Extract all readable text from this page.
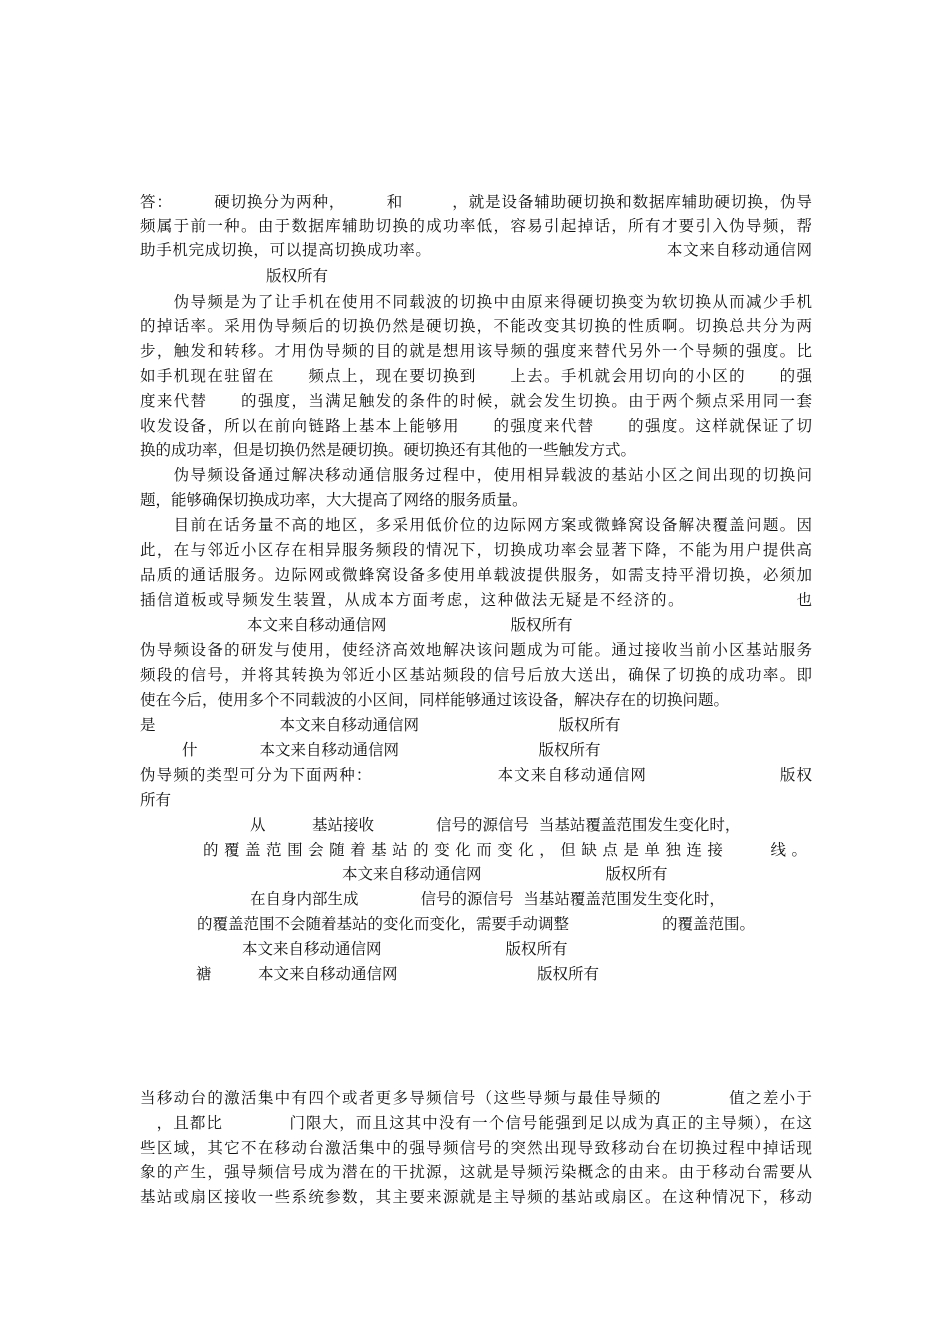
答：　　　硬切换分为两种，　　　和　　　，就是设备辅助硬切换和数据库辅助硬切换，伪导
频属于前一种。由于数据库辅助切换的成功率低，容易引起掉话，所有才要引入伪导频，帮
助手机完成切换，可以提高切换成功率。　　　　　　　　　　　　　　　本文来自移动通信网
版权所有
　　伪导频是为了让手机在使用不同载波的切换中由原来得硬切换变为软切换从而减少手机
的掉话率。采用伪导频后的切换仍然是硬切换，不能改变其切换的性质啊。切换总共分为两
步，触发和转移。才用伪导频的目的就是想用该导频的强度来替代另外一个导频的强度。比
如手机现在驻留在　　频点上，现在要切换到　　上去。手机就会用切向的小区的　　的强
度来代替　　的强度，当满足触发的条件的时候，就会发生切换。由于两个频点采用同一套
收发设备，所以在前向链路上基本上能够用　　的强度来代替　　的强度。这样就保证了切
换的成功率，但是切换仍然是硬切换。硬切换还有其他的一些触发方式。
　　伪导频设备通过解决移动通信服务过程中，使用相异载波的基站小区之间出现的切换问
题，能够确保切换成功率，大大提高了网络的服务质量。
　　目前在话务量不高的地区，多采用低价位的边际网方案或微蜂窝设备解决覆盖问题。因
此，在与邻近小区存在相异服务频段的情况下，切换成功率会显著下降，不能为用户提供高
品质的通话服务。边际网或微蜂窝设备多使用单载波提供服务，如需支持平滑切换，必须加
插信道板或导频发生装置，从成本方面考虑，这种做法无疑是不经济的。　　　　　　　也
本文来自移动通信网　　　　　　　　版权所有
伪导频设备的研发与使用，使经济高效地解决该问题成为可能。通过接收当前小区基站服务
频段的信号，并将其转换为邻近小区基站频段的信号后放大送出，确保了切换的成功率。即
使在今后，使用多个不同载波的小区间，同样能够通过该设备，解决存在的切换问题。
是　　　　　　　　本文来自移动通信网　　　　　　　　　版权所有
什　　　　本文来自移动通信网　　　　　　　　　版权所有
伪导频的类型可分为下面两种：　　　　　　　　本文来自移动通信网　　　　　　　　版权
所有
从　　　基站接收　　　　信号的源信号  当基站覆盖范围发生变化时，
的覆盖范围会随着基站的变化而变化，但缺点是单独连接　　线。
本文来自移动通信网　　　　　　　　版权所有
在自身内部生成　　　　信号的源信号  当基站覆盖范围发生变化时，
的覆盖范围不会随着基站的变化而变化，需要手动调整　　　　　　的覆盖范围。
本文来自移动通信网　　　　　　　　版权所有
禟　　　本文来自移动通信网　　　　　　　　　版权所有
当移动台的激活集中有四个或者更多导频信号（这些导频与最佳导频的　　　　值之差小于
　，且都比　　　　门限大，而且这其中没有一个信号能强到足以成为真正的主导频），在这
些区域，其它不在移动台激活集中的强导频信号的突然出现导致移动台在切换过程中掉话现
象的产生，强导频信号成为潜在的干扰源，这就是导频污染概念的由来。由于移动台需要从
基站或扇区接收一些系统参数，其主要来源就是主导频的基站或扇区。在这种情况下，移动
